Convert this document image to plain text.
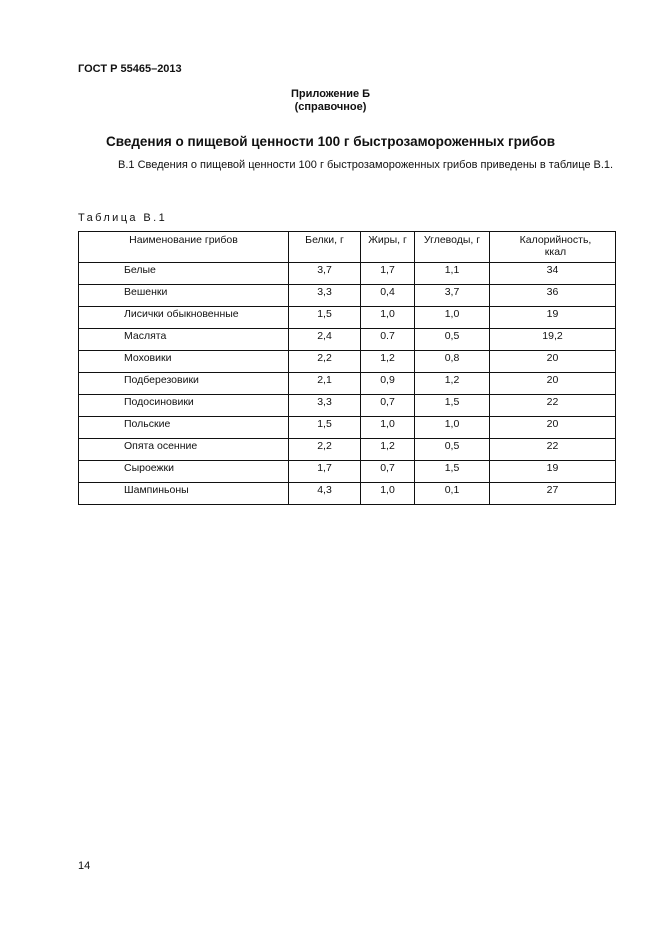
ГОСТ Р 55465–2013
Приложение Б
(справочное)
Сведения о пищевой ценности 100 г быстрозамороженных грибов
В.1 Сведения о пищевой ценности 100 г быстрозамороженных грибов приведены в таблице В.1.
Таблица В.1
Наименование грибов	Белки, г	Жиры, г	Углеводы, г	Калорийность, ккал
Белые	3,7	1,7	1,1	34
Вешенки	3,3	0,4	3,7	36
Лисички обыкновенные	1,5	1,0	1,0	19
Маслята	2,4	0.7	0,5	19,2
Моховики	2,2	1,2	0,8	20
Подберезовики	2,1	0,9	1,2	20
Подосиновики	3,3	0,7	1,5	22
Польские	1,5	1,0	1,0	20
Опята осенние	2,2	1,2	0,5	22
Сыроежки	1,7	0,7	1,5	19
Шампиньоны	4,3	1,0	0,1	27
14
